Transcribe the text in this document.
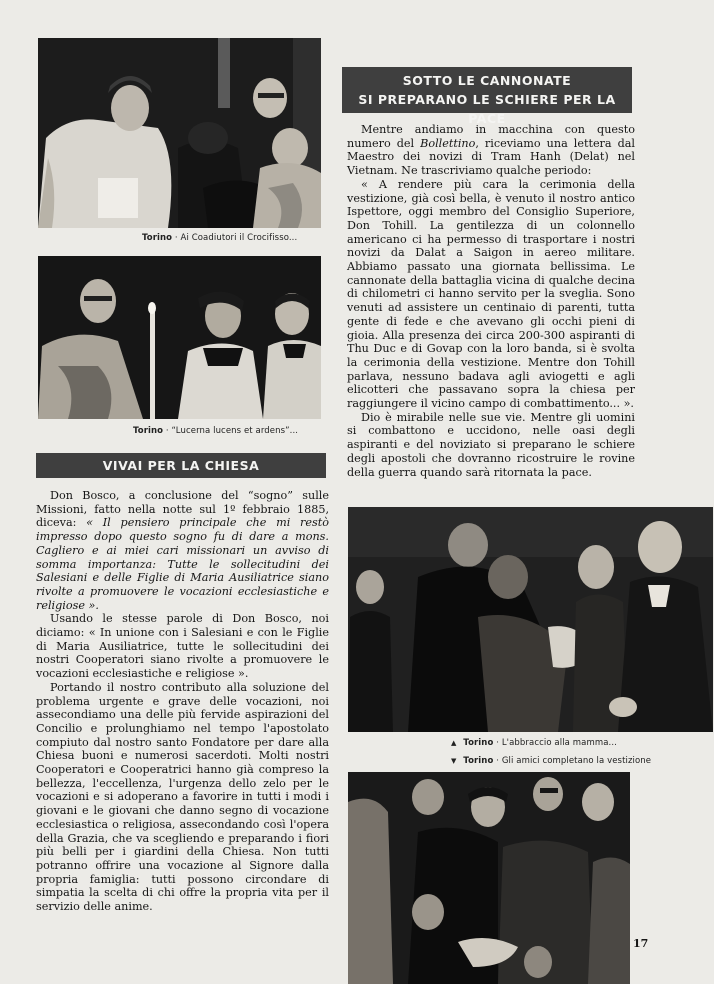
Torino · Ai Coadiutori il Crocifisso...
Torino · “Lucerna lucens et ardens”...
VIVAI PER LA CHIESA

Don Bosco, a conclusione del “sogno” sulle Missioni, fatto nella notte sul 1º febbraio 1885, diceva: « Il pensiero principale che mi restò impresso dopo questo sogno fu di dare a mons. Cagliero e ai miei cari missionari un avviso di somma importanza: Tutte le sollecitudini dei Salesiani e delle Figlie di Maria Ausiliatrice siano rivolte a promuovere le vocazioni ecclesiastiche e religiose ».

Usando le stesse parole di Don Bosco, noi diciamo: « In unione con i Salesiani e con le Figlie di Maria Ausiliatrice, tutte le sollecitudini dei nostri Cooperatori siano rivolte a promuovere le vocazioni ecclesiastiche e religiose ».

Portando il nostro contributo alla soluzione del problema urgente e grave delle vocazioni, noi assecondiamo una delle più fervide aspirazioni del Concilio e prolunghiamo nel tempo l'apostolato compiuto dal nostro santo Fondatore per dare alla Chiesa buoni e numerosi sacerdoti. Molti nostri Cooperatori e Cooperatrici hanno già compreso la bellezza, l'eccellenza, l'urgenza dello zelo per le vocazioni e si adoperano a favorire in tutti i modi i giovani e le giovani che danno segno di vocazione ecclesiastica o religiosa, assecondando così l'opera della Grazia, che va scegliendo e preparando i fiori più belli per i giardini della Chiesa. Non tutti potranno offrire una vocazione al Signore dalla propria famiglia: tutti possono circondare di simpatia la scelta di chi offre la propria vita per il servizio delle anime.

SOTTO LE CANNONATE
SI PREPARANO LE SCHIERE PER LA PACE

Mentre andiamo in macchina con questo numero del Bollettino, riceviamo una lettera dal Maestro dei novizi di Tram Hanh (Delat) nel Vietnam. Ne trascriviamo qualche periodo:

« A rendere più cara la cerimonia della vestizione, già così bella, è venuto il nostro antico Ispettore, oggi membro del Consiglio Superiore, Don Tohill. La gentilezza di un colonnello americano ci ha permesso di trasportare i nostri novizi da Dalat a Saigon in aereo militare. Abbiamo passato una giornata bellissima. Le cannonate della battaglia vicina di qualche decina di chilometri ci hanno servito per la sveglia. Sono venuti ad assistere un centinaio di parenti, tutta gente di fede e che avevano gli occhi pieni di gioia. Alla presenza dei circa 200-300 aspiranti di Thu Duc e di Govap con la loro banda, si è svolta la cerimonia della vestizione. Mentre don Tohill parlava, nessuno badava agli aviogetti e agli elicotteri che passavano sopra la chiesa per raggiungere il vicino campo di combattimento... ».

Dio è mirabile nelle sue vie. Mentre gli uomini si combattono e uccidono, nelle oasi degli aspiranti e del noviziato si preparano le schiere degli apostoli che dovranno ricostruire le rovine della guerra quando sarà ritornata la pace.

▲ Torino · L'abbraccio alla mamma...
▼ Torino · Gli amici completano la vestizione
17
